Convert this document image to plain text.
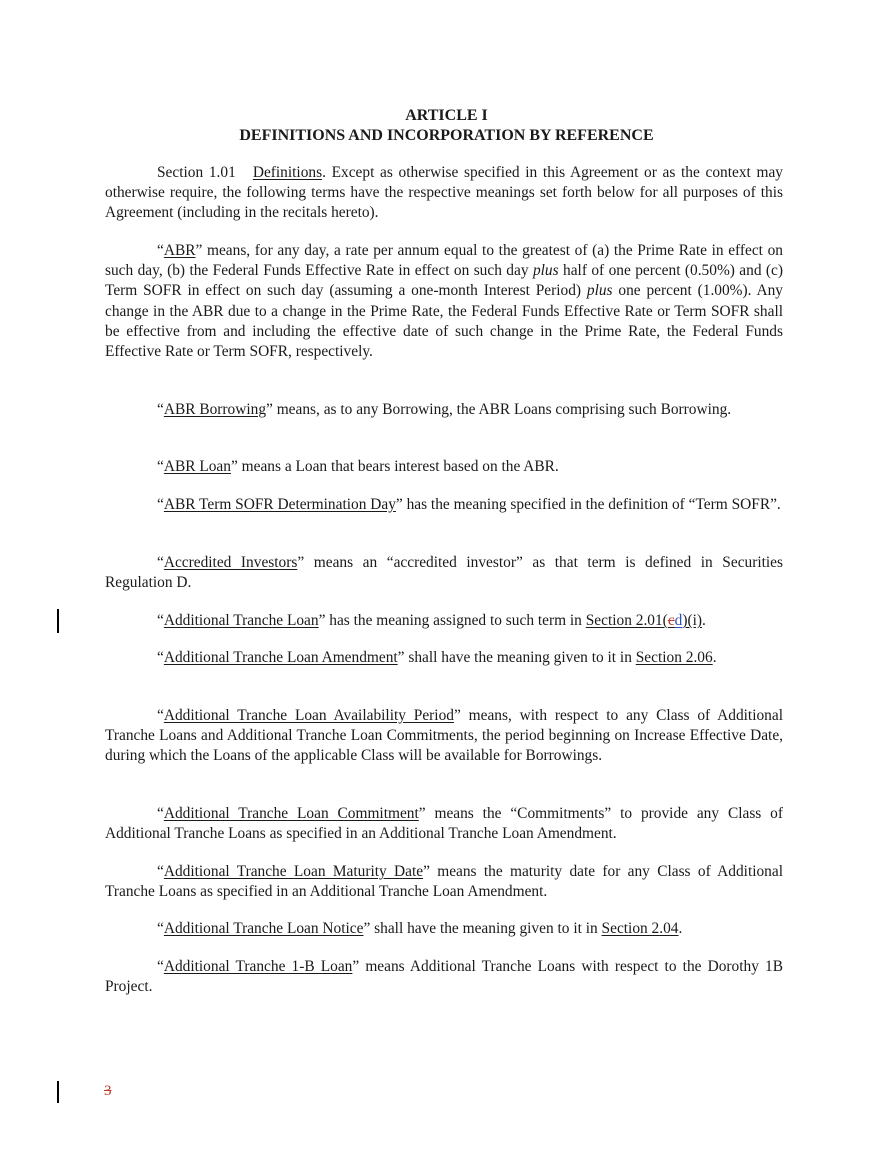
ARTICLE I
DEFINITIONS AND INCORPORATION BY REFERENCE

Section 1.01 Definitions. Except as otherwise specified in this Agreement or as the context may otherwise require, the following terms have the respective meanings set forth below for all purposes of this Agreement (including in the recitals hereto).

“ABR” means, for any day, a rate per annum equal to the greatest of (a) the Prime Rate in effect on such day, (b) the Federal Funds Effective Rate in effect on such day plus half of one percent (0.50%) and (c) Term SOFR in effect on such day (assuming a one-month Interest Period) plus one percent (1.00%). Any change in the ABR due to a change in the Prime Rate, the Federal Funds Effective Rate or Term SOFR shall be effective from and including the effective date of such change in the Prime Rate, the Federal Funds Effective Rate or Term SOFR, respectively.

“ABR Borrowing” means, as to any Borrowing, the ABR Loans comprising such Borrowing.

“ABR Loan” means a Loan that bears interest based on the ABR.

“ABR Term SOFR Determination Day” has the meaning specified in the definition of “Term SOFR”.

“Accredited Investors” means an “accredited investor” as that term is defined in Securities Regulation D.

“Additional Tranche Loan” has the meaning assigned to such term in Section 2.01(cd)(i).

“Additional Tranche Loan Amendment” shall have the meaning given to it in Section 2.06.

“Additional Tranche Loan Availability Period” means, with respect to any Class of Additional Tranche Loans and Additional Tranche Loan Commitments, the period beginning on Increase Effective Date, during which the Loans of the applicable Class will be available for Borrowings.

“Additional Tranche Loan Commitment” means the “Commitments” to provide any Class of Additional Tranche Loans as specified in an Additional Tranche Loan Amendment.

“Additional Tranche Loan Maturity Date” means the maturity date for any Class of Additional Tranche Loans as specified in an Additional Tranche Loan Amendment.

“Additional Tranche Loan Notice” shall have the meaning given to it in Section 2.04.

“Additional Tranche 1-B Loan” means Additional Tranche Loans with respect to the Dorothy 1B Project.

3
